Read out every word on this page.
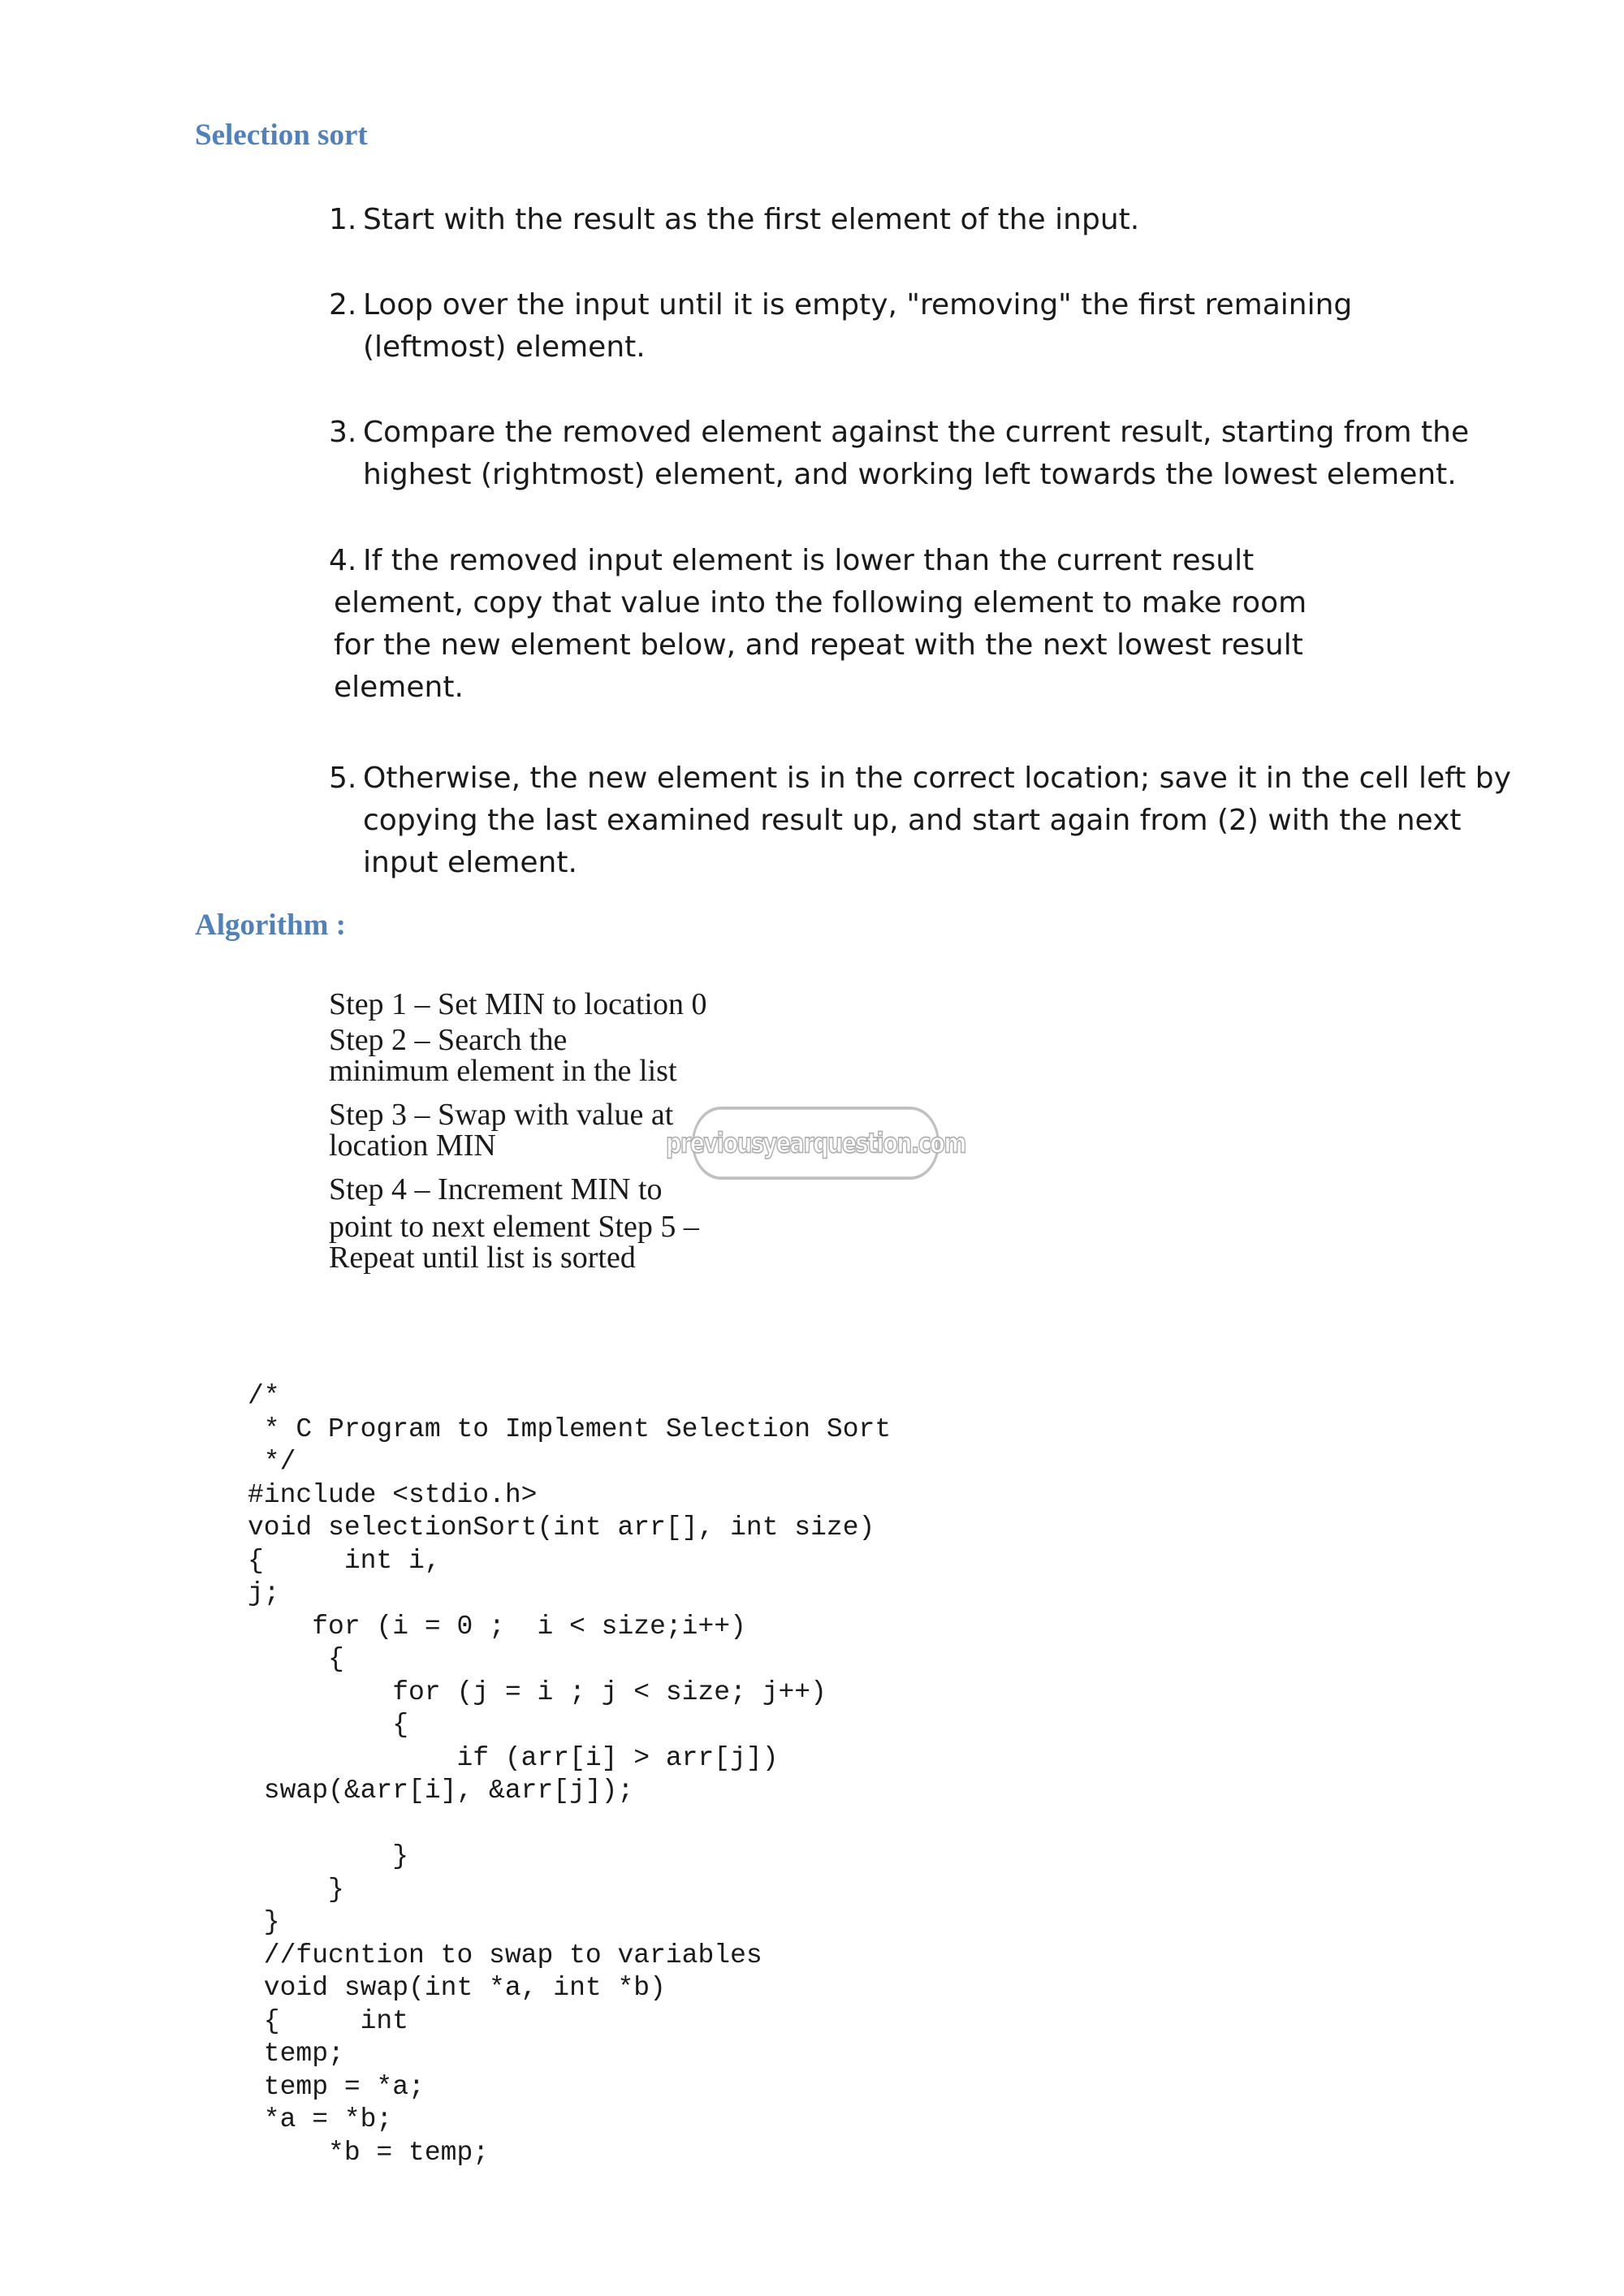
Selection sort
1. Start with the result as the first element of the input.
2. Loop over the input until it is empty, "removing" the first remaining (leftmost) element.
3. Compare the removed element against the current result, starting from the highest (rightmost) element, and working left towards the lowest element.
4. If the removed input element is lower than the current result
element, copy that value into the following element to make room
for the new element below, and repeat with the next lowest result
element.
5. Otherwise, the new element is in the correct location; save it in the cell left by copying the last examined result up, and start again from (2) with the next input element.
Algorithm :
Step 1 – Set MIN to location 0
Step 2 – Search the
minimum element in the list
Step 3 – Swap with value at
location MIN
Step 4 – Increment MIN to
point to next element Step 5 –
Repeat until list is sorted
previousyearquestion.com
/*
* C Program to Implement Selection Sort
*/
#include <stdio.h>
void selectionSort(int arr[], int size)
{     int i,
j;
for (i = 0 ;  i < size;i++)
{
for (j = i ; j < size; j++)
{
if (arr[i] > arr[j])
swap(&arr[i], &arr[j]);

}
}
}
//fucntion to swap to variables
void swap(int *a, int *b)
{     int
temp;
temp = *a;
*a = *b;
*b = temp;
